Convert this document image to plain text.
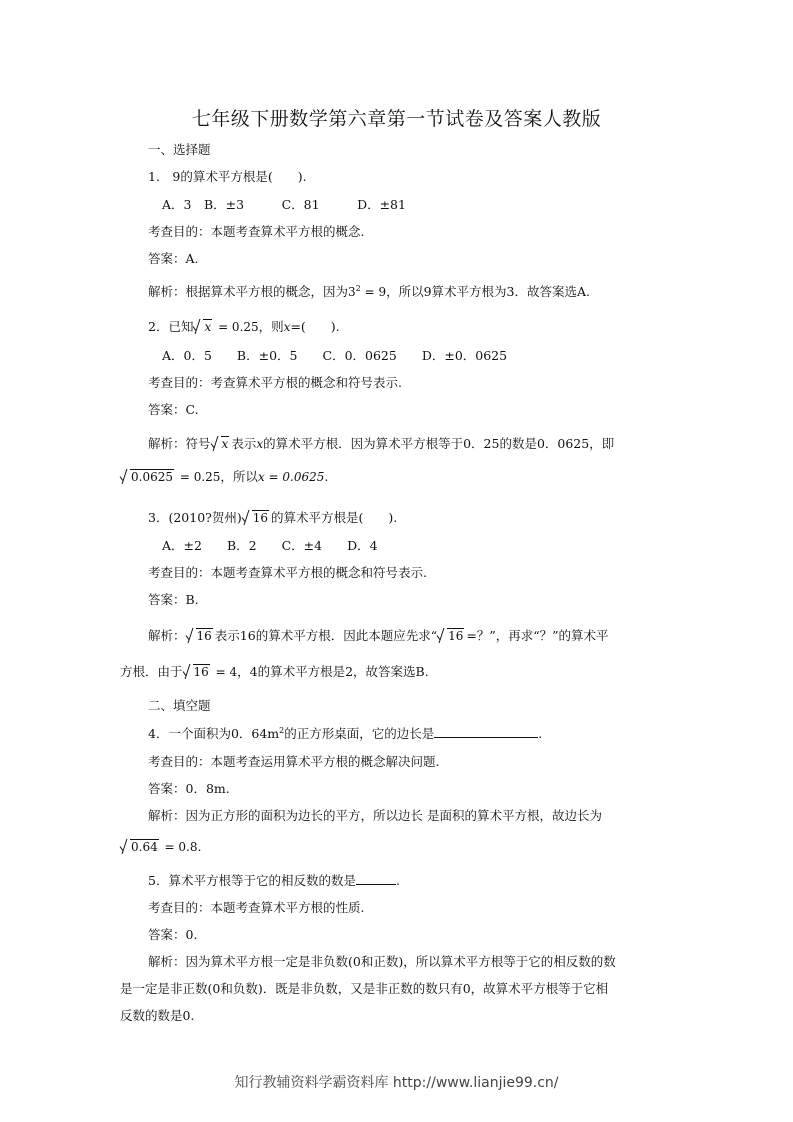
七年级下册数学第六章第一节试卷及答案人教版
一、选择题
1.　9的算术平方根是(　　).
A．3　B．±3　　　C．81　　　D．±81
考查目的：本题考查算术平方根的概念.
答案：A.
解析：根据算术平方根的概念，因为$3^2 = 9$，所以9算术平方根为3．故答案选A.
2．已知 x = 0.25，则x=(　　).
A．0．5　　B．±0．5　　C．0．0625　　D．±0．0625
考查目的：考查算术平方根的概念和符号表示.
答案：C.
解析：符号 x 表示x的算术平方根．因为算术平方根等于0．25的数是0．0625，即
0.0625 = 0.25，所以x = 0.0625.
3．(2010?贺州) 16 的算术平方根是(　　).
A．±2　　B．2　　C．±4　　D．4
考查目的：本题考查算术平方根的概念和符号表示.
答案：B.
解析： 16 表示16的算术平方根．因此本题应先求“ 16 =？”，再求“？”的算术平
方根．由于 16 = 4，4的算术平方根是2，故答案选B.
二、填空题
4．一个面积为0．$64m^2$的正方形桌面，它的边长是	.
考查目的：本题考查运用算术平方根的概念解决问题.
答案：0．8m.
解析：因为正方形的面积为边长的平方，所以边长 是面积的算术平方根，故边长为
0.64 = 0.8.
5．算术平方根等于它的相反数的数是	.
考查目的：本题考查算术平方根的性质.
答案：0.
解析：因为算术平方根一定是非负数(0和正数)，所以算术平方根等于它的相反数的数
是一定是非正数(0和负数)．既是非负数，又是非正数的数只有0，故算术平方根等于它相
反数的数是0.
知行教辅资料学霸资料库 http://www.lianjie99.cn/
